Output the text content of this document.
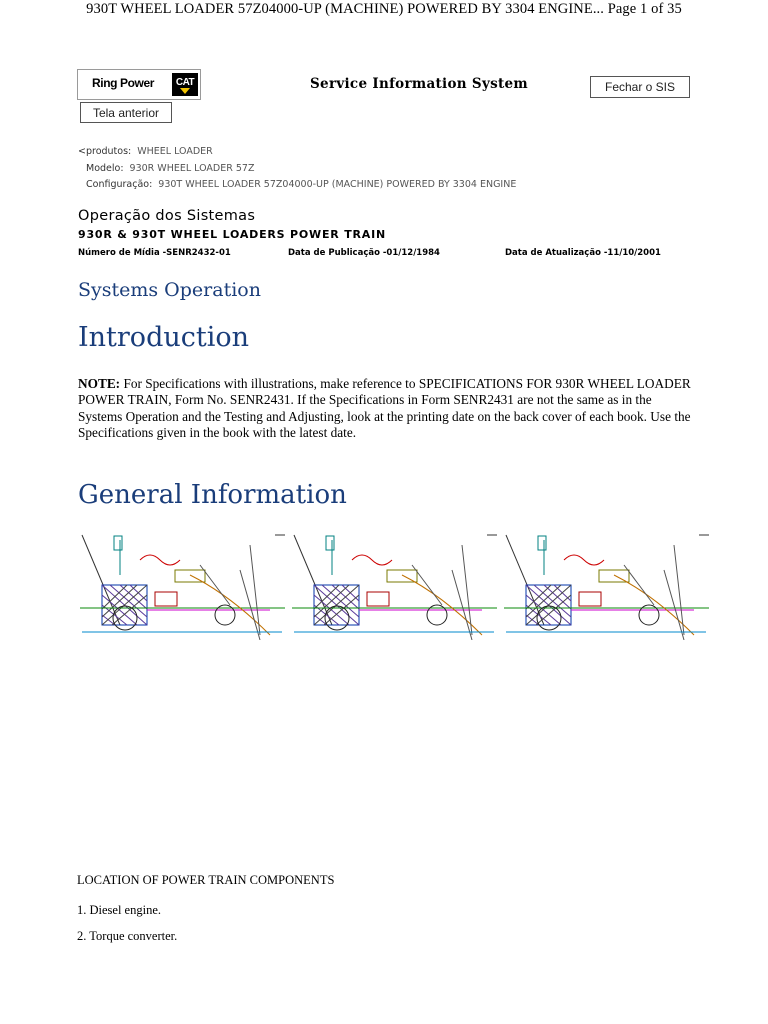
930T WHEEL LOADER 57Z04000-UP (MACHINE) POWERED BY 3304 ENGINE... Page 1 of 35
Ring Power CAT	Service Information System	Fechar o SIS
Tela anterior
<produtos: WHEEL LOADER
Modelo: 930R WHEEL LOADER 57Z
Configuração: 930T WHEEL LOADER 57Z04000-UP (MACHINE) POWERED BY 3304 ENGINE
Operação dos Sistemas
930R & 930T WHEEL LOADERS POWER TRAIN
Número de Mídia -SENR2432-01	Data de Publicação -01/12/1984	Data de Atualização -11/10/2001
Systems Operation
Introduction
NOTE: For Specifications with illustrations, make reference to SPECIFICATIONS FOR 930R WHEEL LOADER POWER TRAIN, Form No. SENR2431. If the Specifications in Form SENR2431 are not the same as in the Systems Operation and the Testing and Adjusting, look at the printing date on the back cover of each book. Use the Specifications given in the book with the latest date.
General Information
LOCATION OF POWER TRAIN COMPONENTS
1. Diesel engine.
2. Torque converter.
